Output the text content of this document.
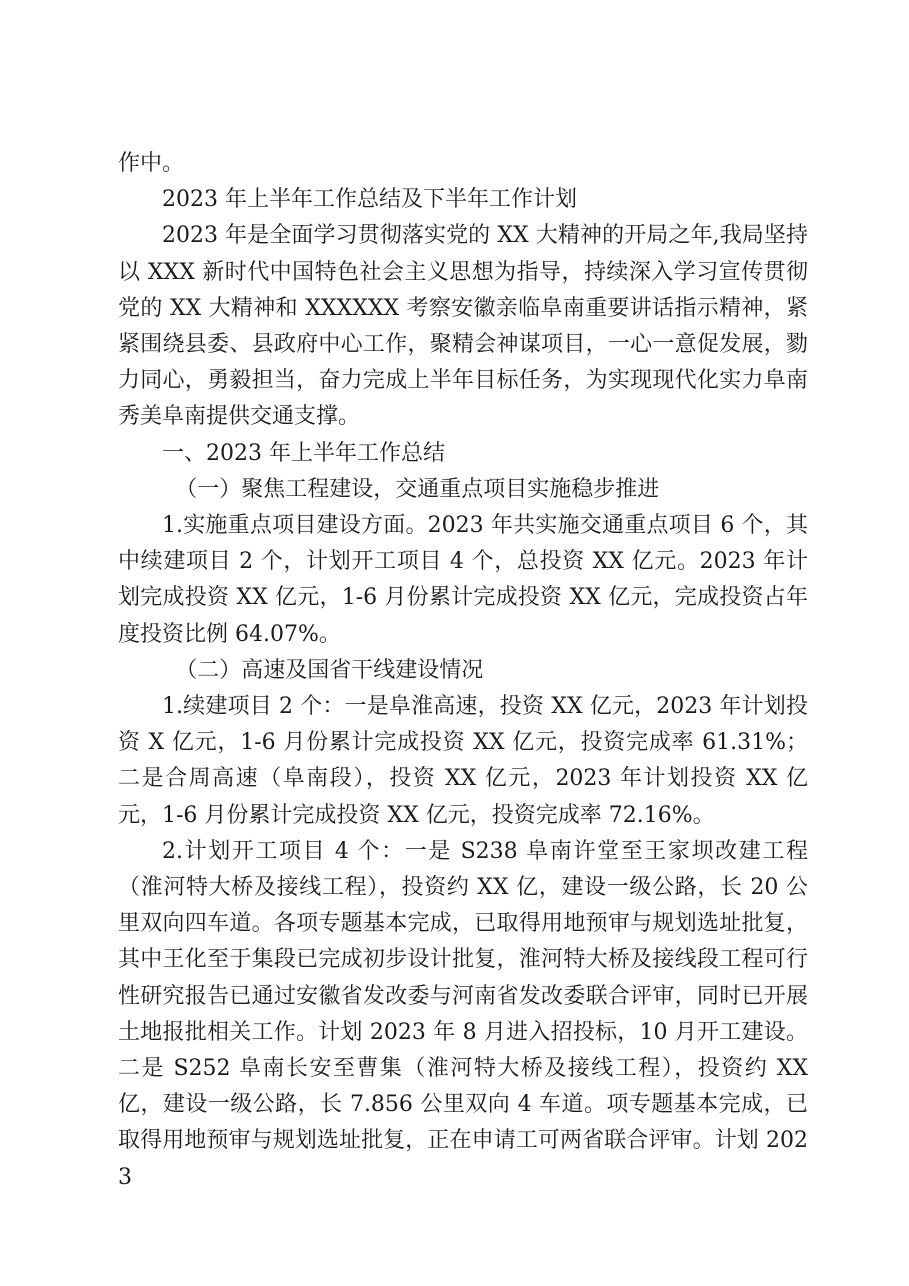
作中。

2023 年上半年工作总结及下半年工作计划

2023 年是全面学习贯彻落实党的 XX 大精神的开局之年,我局坚持以 XXX 新时代中国特色社会主义思想为指导，持续深入学习宣传贯彻党的 XX 大精神和 XXXXXX 考察安徽亲临阜南重要讲话指示精神，紧紧围绕县委、县政府中心工作，聚精会神谋项目，一心一意促发展，勠力同心，勇毅担当，奋力完成上半年目标任务，为实现现代化实力阜南秀美阜南提供交通支撑。

一、2023 年上半年工作总结

（一）聚焦工程建设，交通重点项目实施稳步推进

1.实施重点项目建设方面。2023 年共实施交通重点项目 6 个，其中续建项目 2 个，计划开工项目 4 个，总投资 XX 亿元。2023 年计划完成投资 XX 亿元，1-6 月份累计完成投资 XX 亿元，完成投资占年度投资比例 64.07%。

（二）高速及国省干线建设情况

1.续建项目 2 个：一是阜淮高速，投资 XX 亿元，2023 年计划投资 X 亿元，1-6 月份累计完成投资 XX 亿元，投资完成率 61.31%；二是合周高速（阜南段），投资 XX 亿元，2023 年计划投资 XX 亿元，1-6 月份累计完成投资 XX 亿元，投资完成率 72.16%。

2.计划开工项目 4 个：一是 S238 阜南许堂至王家坝改建工程（淮河特大桥及接线工程），投资约 XX 亿，建设一级公路，长 20 公里双向四车道。各项专题基本完成，已取得用地预审与规划选址批复，其中王化至于集段已完成初步设计批复，淮河特大桥及接线段工程可行性研究报告已通过安徽省发改委与河南省发改委联合评审，同时已开展土地报批相关工作。计划 2023 年 8 月进入招投标，10 月开工建设。二是 S252 阜南长安至曹集（淮河特大桥及接线工程），投资约 XX 亿，建设一级公路，长 7.856 公里双向 4 车道。项专题基本完成，已取得用地预审与规划选址批复，正在申请工可两省联合评审。计划 2023
